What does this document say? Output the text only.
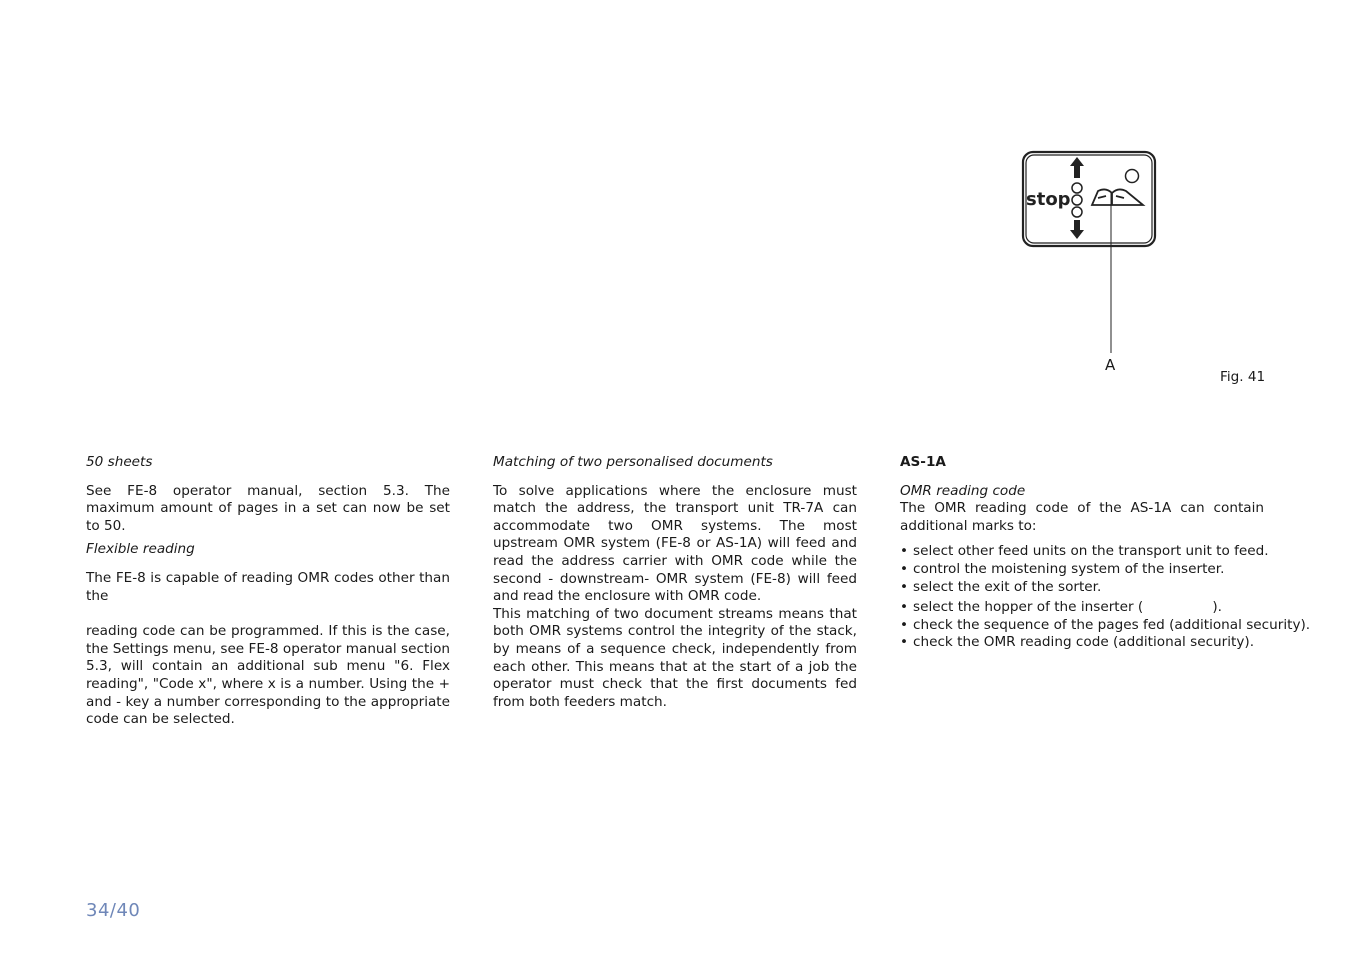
stop
A
Fig. 41

50 sheets

See FE-8 operator manual, section 5.3. The maximum amount of pages in a set can now be set to 50.

Flexible reading

The FE-8 is capable of reading OMR codes other than the

reading code can be programmed. If this is the case, the Settings menu, see FE-8 operator manual section 5.3, will contain an additional sub menu "6. Flex reading", "Code x", where x is a number. Using the + and - key a number corresponding to the appropriate code can be selected.

Matching of two personalised documents

To solve applications where the enclosure must match the address, the transport unit TR-7A can accommodate two OMR systems. The most upstream OMR system (FE-8 or AS-1A) will feed and read the address carrier with OMR code while the second - downstream- OMR system (FE-8) will feed and read the enclosure with OMR code.

This matching of two document streams means that both OMR systems control the integrity of the stack, by means of a sequence check, independently from each other. This means that at the start of a job the operator must check that the first documents fed from both feeders match.

AS-1A

OMR reading code

The OMR reading code of the AS-1A can contain additional marks to:

• select other feed units on the transport unit to feed.
• control the moistening system of the inserter.
• select the exit of the sorter.
• select the hopper of the inserter (                ).
• check the sequence of the pages fed (additional security).
• check the OMR reading code (additional security).
34/40
